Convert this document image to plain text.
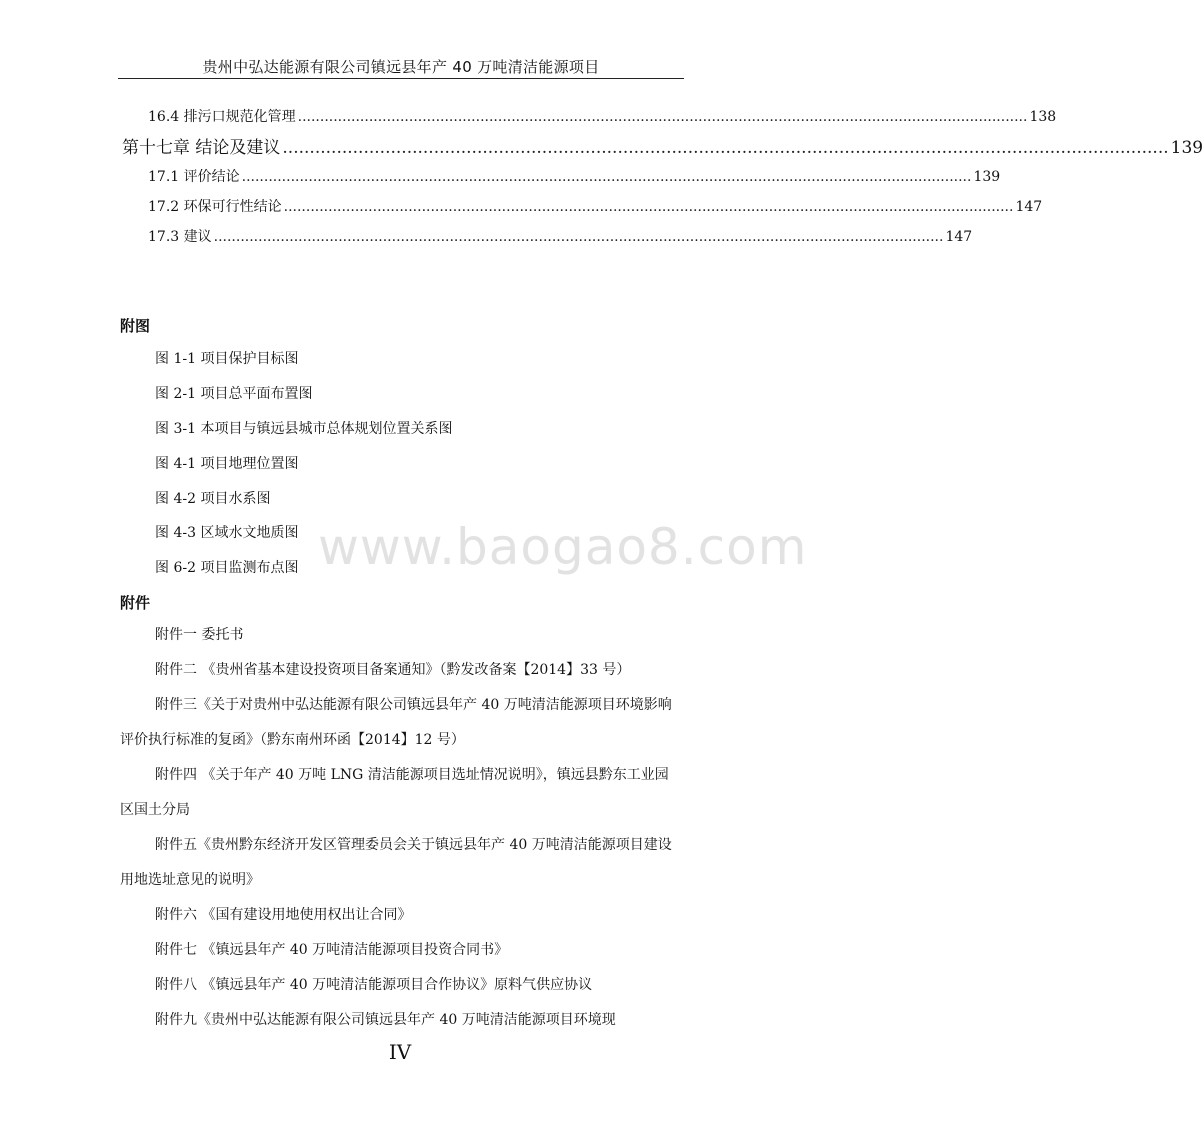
贵州中弘达能源有限公司镇远县年产 40 万吨清洁能源项目
16.4 排污口规范化管理 .................................................................................................................................................................... 138
第十七章 结论及建议 .................................................................................................................................................................... 139
17.1 评价结论 .................................................................................................................................................................... 139
17.2 环保可行性结论 .................................................................................................................................................................... 147
17.3 建议 .................................................................................................................................................................... 147
附图
图 1-1 项目保护目标图
图 2-1 项目总平面布置图
图 3-1 本项目与镇远县城市总体规划位置关系图
图 4-1 项目地理位置图
图 4-2 项目水系图
图 4-3 区域水文地质图
图 6-2 项目监测布点图 www.baogao8.com
附件
附件一 委托书
附件二 《贵州省基本建设投资项目备案通知》（黔发改备案【2014】33 号）
附件三《关于对贵州中弘达能源有限公司镇远县年产 40 万吨清洁能源项目环境影响评价执行标准的复函》（黔东南州环函【2014】12 号）
附件四 《关于年产 40 万吨 LNG 清洁能源项目选址情况说明》，镇远县黔东工业园区国土分局
附件五《贵州黔东经济开发区管理委员会关于镇远县年产 40 万吨清洁能源项目建设用地选址意见的说明》
附件六 《国有建设用地使用权出让合同》
附件七 《镇远县年产 40 万吨清洁能源项目投资合同书》
附件八 《镇远县年产 40 万吨清洁能源项目合作协议》原料气供应协议
附件九《贵州中弘达能源有限公司镇远县年产 40 万吨清洁能源项目环境现
IV
